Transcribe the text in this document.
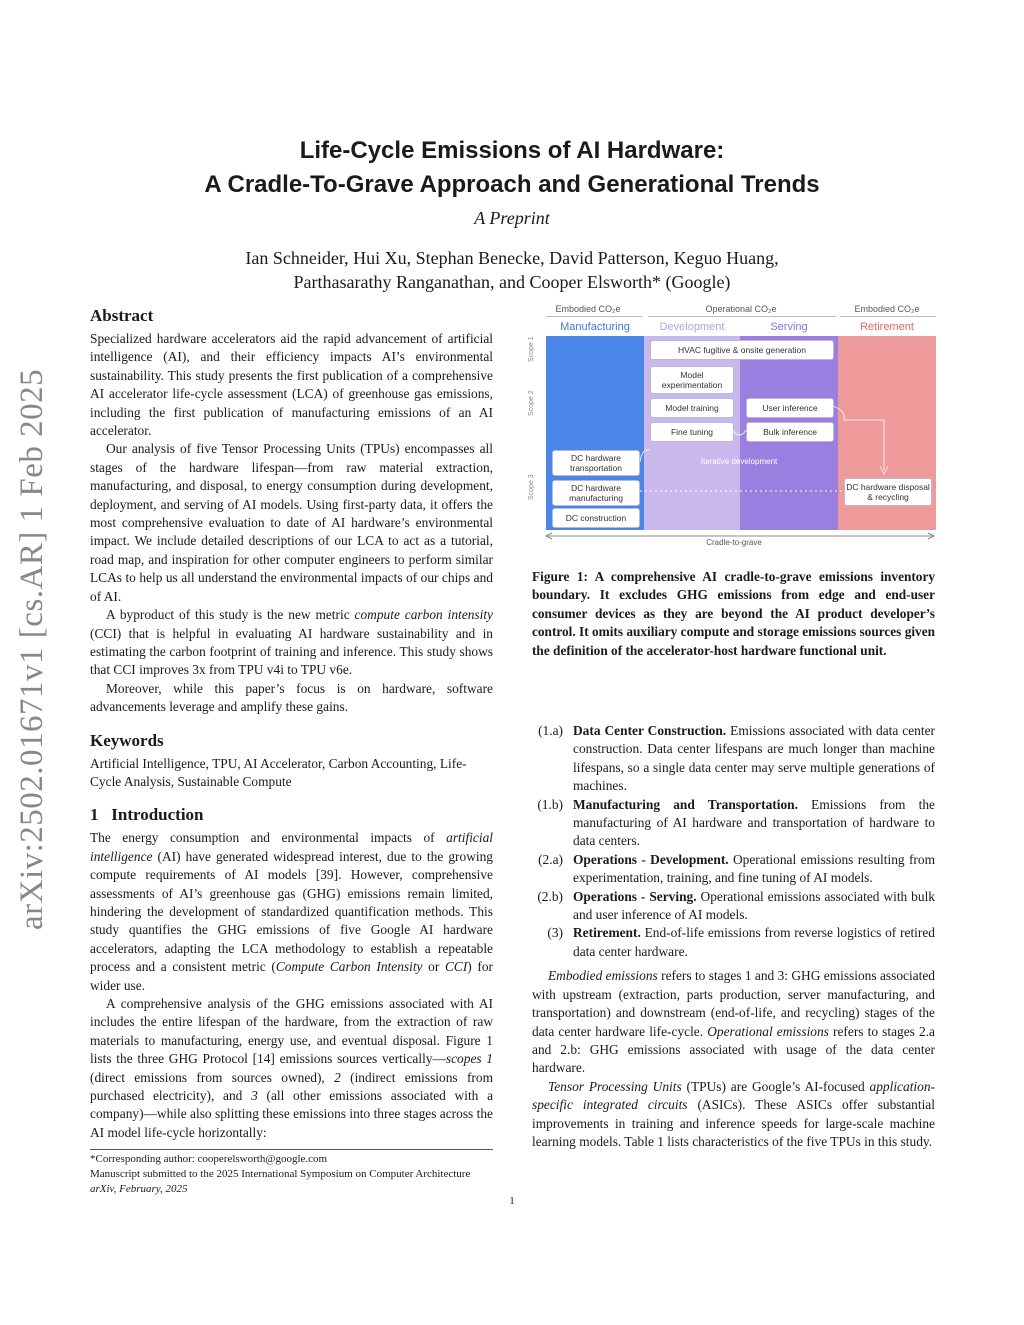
Life-Cycle Emissions of AI Hardware:
A Cradle-To-Grave Approach and Generational Trends
A Preprint
Ian Schneider, Hui Xu, Stephan Benecke, David Patterson, Keguo Huang,
Parthasarathy Ranganathan, and Cooper Elsworth* (Google)
arXiv:2502.01671v1 [cs.AR] 1 Feb 2025
Abstract

Specialized hardware accelerators aid the rapid advancement of artificial intelligence (AI), and their efficiency impacts AI’s environmental sustainability. This study presents the first publication of a comprehensive AI accelerator life-cycle assessment (LCA) of greenhouse gas emissions, including the first publication of manufacturing emissions of an AI accelerator.

Our analysis of five Tensor Processing Units (TPUs) encompasses all stages of the hardware lifespan—from raw material extraction, manufacturing, and disposal, to energy consumption during development, deployment, and serving of AI models. Using first-party data, it offers the most comprehensive evaluation to date of AI hardware’s environmental impact. We include detailed descriptions of our LCA to act as a tutorial, road map, and inspiration for other computer engineers to perform similar LCAs to help us all understand the environmental impacts of our chips and of AI.

A byproduct of this study is the new metric compute carbon intensity (CCI) that is helpful in evaluating AI hardware sustainability and in estimating the carbon footprint of training and inference. This study shows that CCI improves 3x from TPU v4i to TPU v6e.

Moreover, while this paper’s focus is on hardware, software advancements leverage and amplify these gains.

Keywords
Artificial Intelligence, TPU, AI Accelerator, Carbon Accounting, Life-Cycle Analysis, Sustainable Compute
1 Introduction

The energy consumption and environmental impacts of artificial intelligence (AI) have generated widespread interest, due to the growing compute requirements of AI models [39]. However, comprehensive assessments of AI’s greenhouse gas (GHG) emissions remain limited, hindering the development of standardized quantification methods. This study quantifies the GHG emissions of five Google AI hardware accelerators, adapting the LCA methodology to establish a repeatable process and a consistent metric (Compute Carbon Intensity or CCI) for wider use.

A comprehensive analysis of the GHG emissions associated with AI includes the entire lifespan of the hardware, from the extraction of raw materials to manufacturing, energy use, and eventual disposal. Figure 1 lists the three GHG Protocol [14] emissions sources vertically—scopes 1 (direct emissions from sources owned), 2 (indirect emissions from purchased electricity), and 3 (all other emissions associated with a company)—while also splitting these emissions into three stages across the AI model life-cycle horizontally:

*Corresponding author: cooperelsworth@google.com
Manuscript submitted to the 2025 International Symposium on Computer Architecture
arXiv, February, 2025
1
Embodied CO₂e	Operational CO₂e	Embodied CO₂e
Manufacturing	Development	Serving	Retirement
Scope 1
Scope 2
Scope 3
HVAC fugitive & onsite generation
Model experimentation
Model training	User inference
Fine tuning	Bulk inference
Iterative development
DC hardware transportation
DC hardware manufacturing
DC construction
DC hardware disposal & recycling
Cradle-to-grave
Figure 1: A comprehensive AI cradle-to-grave emissions inventory boundary. It excludes GHG emissions from edge and end-user consumer devices as they are beyond the AI product developer’s control. It omits auxiliary compute and storage emissions sources given the definition of the accelerator-host hardware functional unit.
(1.a) Data Center Construction. Emissions associated with data center construction. Data center lifespans are much longer than machine lifespans, so a single data center may serve multiple generations of machines.
(1.b) Manufacturing and Transportation. Emissions from the manufacturing of AI hardware and transportation of hardware to data centers.
(2.a) Operations - Development. Operational emissions resulting from experimentation, training, and fine tuning of AI models.
(2.b) Operations - Serving. Operational emissions associated with bulk and user inference of AI models.
(3) Retirement. End-of-life emissions from reverse logistics of retired data center hardware.

Embodied emissions refers to stages 1 and 3: GHG emissions associated with upstream (extraction, parts production, server manufacturing, and transportation) and downstream (end-of-life, and recycling) stages of the data center hardware life-cycle. Operational emissions refers to stages 2.a and 2.b: GHG emissions associated with usage of the data center hardware.

Tensor Processing Units (TPUs) are Google’s AI-focused application-specific integrated circuits (ASICs). These ASICs offer substantial improvements in training and inference speeds for large-scale machine learning models. Table 1 lists characteristics of the five TPUs in this study.
